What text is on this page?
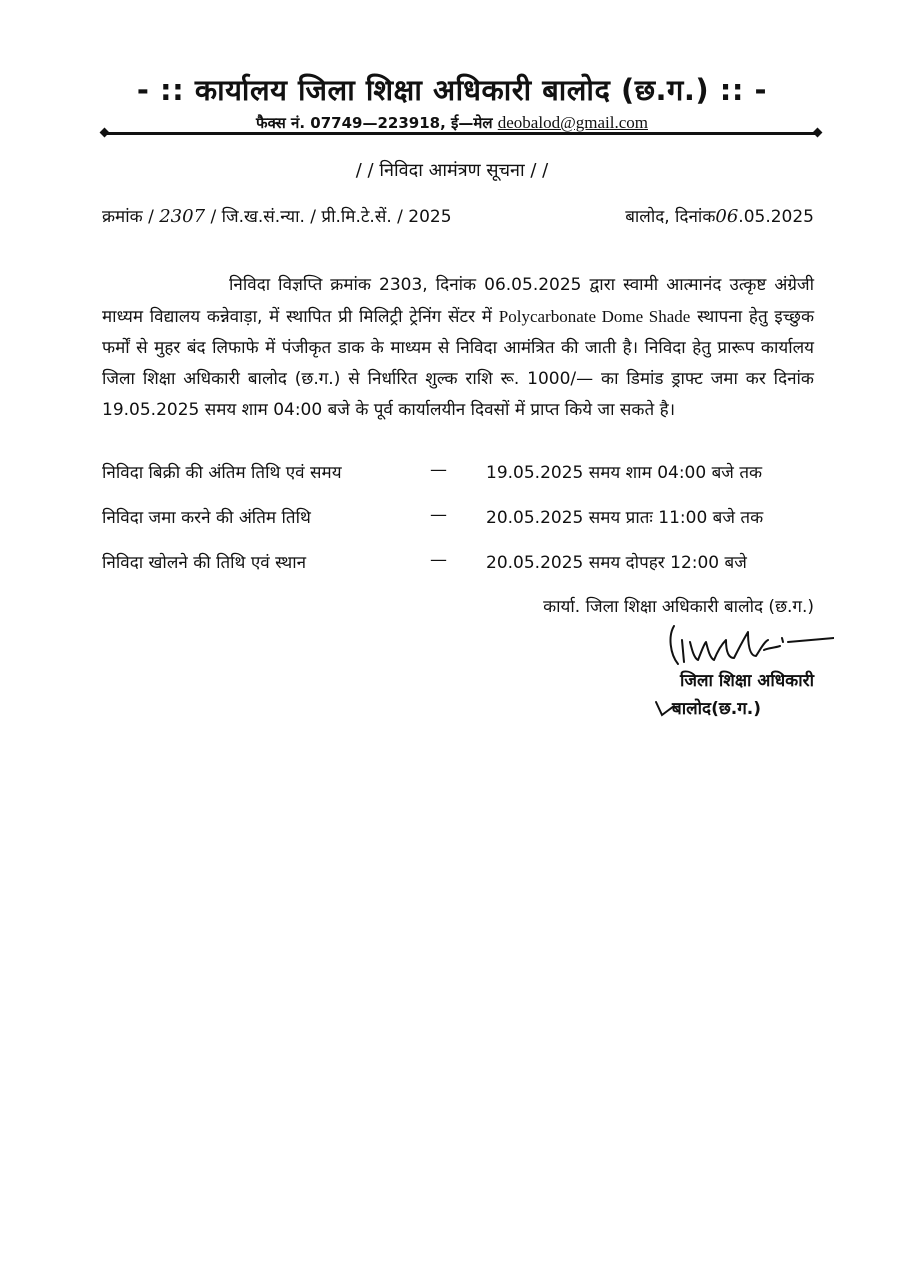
- :: कार्यालय जिला शिक्षा अधिकारी बालोद (छ.ग.) :: -
फैक्स नं. 07749—223918, ई—मेल deobalod@gmail.com
/ / निविदा आमंत्रण सूचना / /
क्रमांक / 2307 / जि.ख.सं.न्या. / प्री.मि.टे.सें. / 2025	बालोद, दिनांक06.05.2025
निविदा विज्ञप्ति क्रमांक 2303, दिनांक 06.05.2025 द्वारा स्वामी आत्मानंद उत्कृष्ट अंग्रेजी माध्यम विद्यालय कन्नेवाड़ा, में स्थापित प्री मिलिट्री ट्रेनिंग सेंटर में Polycarbonate Dome Shade स्थापना हेतु इच्छुक फर्मों से मुहर बंद लिफाफे में पंजीकृत डाक के माध्यम से निविदा आमंत्रित की जाती है। निविदा हेतु प्रारूप कार्यालय जिला शिक्षा अधिकारी बालोद (छ.ग.) से निर्धारित शुल्क राशि रू. 1000/— का डिमांड ड्राफ्ट जमा कर दिनांक 19.05.2025 समय शाम 04:00 बजे के पूर्व कार्यालयीन दिवसों में प्राप्त किये जा सकते है।
निविदा बिक्री की अंतिम तिथि एवं समय	— 19.05.2025 समय शाम 04:00 बजे तक
निविदा जमा करने की अंतिम तिथि	— 20.05.2025 समय प्रातः 11:00 बजे तक
निविदा खोलने की तिथि एवं स्थान	— 20.05.2025 समय दोपहर 12:00 बजे
कार्या. जिला शिक्षा अधिकारी बालोद (छ.ग.)
जिला शिक्षा अधिकारी
बालोद(छ.ग.)
